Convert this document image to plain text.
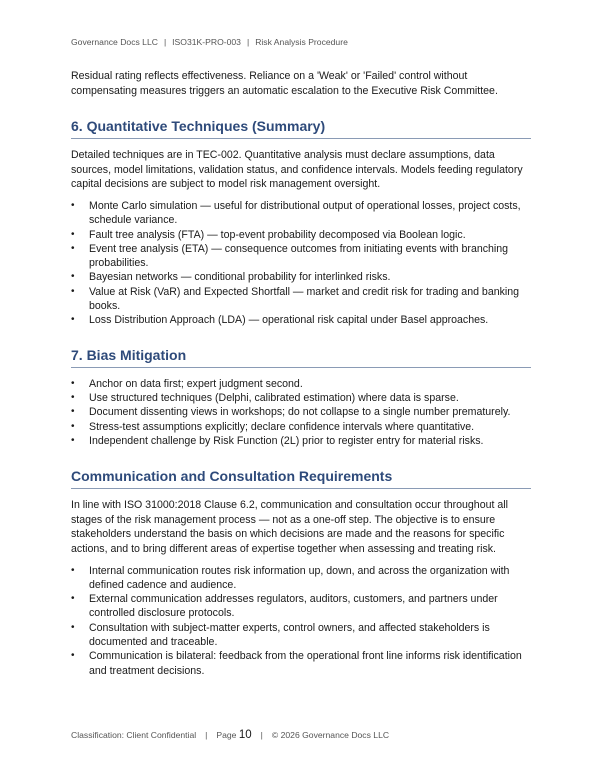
Governance Docs LLC | ISO31K-PRO-003 | Risk Analysis Procedure

Residual rating reflects effectiveness. Reliance on a 'Weak' or 'Failed' control without compensating measures triggers an automatic escalation to the Executive Risk Committee.

6. Quantitative Techniques (Summary)

Detailed techniques are in TEC-002. Quantitative analysis must declare assumptions, data sources, model limitations, validation status, and confidence intervals. Models feeding regulatory capital decisions are subject to model risk management oversight.

• Monte Carlo simulation — useful for distributional output of operational losses, project costs, schedule variance.
• Fault tree analysis (FTA) — top-event probability decomposed via Boolean logic.
• Event tree analysis (ETA) — consequence outcomes from initiating events with branching probabilities.
• Bayesian networks — conditional probability for interlinked risks.
• Value at Risk (VaR) and Expected Shortfall — market and credit risk for trading and banking books.
• Loss Distribution Approach (LDA) — operational risk capital under Basel approaches.
7. Bias Mitigation
• Anchor on data first; expert judgment second.
• Use structured techniques (Delphi, calibrated estimation) where data is sparse.
• Document dissenting views in workshops; do not collapse to a single number prematurely.
• Stress-test assumptions explicitly; declare confidence intervals where quantitative.
• Independent challenge by Risk Function (2L) prior to register entry for material risks.
Communication and Consultation Requirements

In line with ISO 31000:2018 Clause 6.2, communication and consultation occur throughout all stages of the risk management process — not as a one-off step. The objective is to ensure stakeholders understand the basis on which decisions are made and the reasons for specific actions, and to bring different areas of expertise together when assessing and treating risk.

• Internal communication routes risk information up, down, and across the organization with defined cadence and audience.
• External communication addresses regulators, auditors, customers, and partners under controlled disclosure protocols.
• Consultation with subject-matter experts, control owners, and affected stakeholders is documented and traceable.
• Communication is bilateral: feedback from the operational front line informs risk identification and treatment decisions.
Classification: Client Confidential | Page 10 | © 2026 Governance Docs LLC
